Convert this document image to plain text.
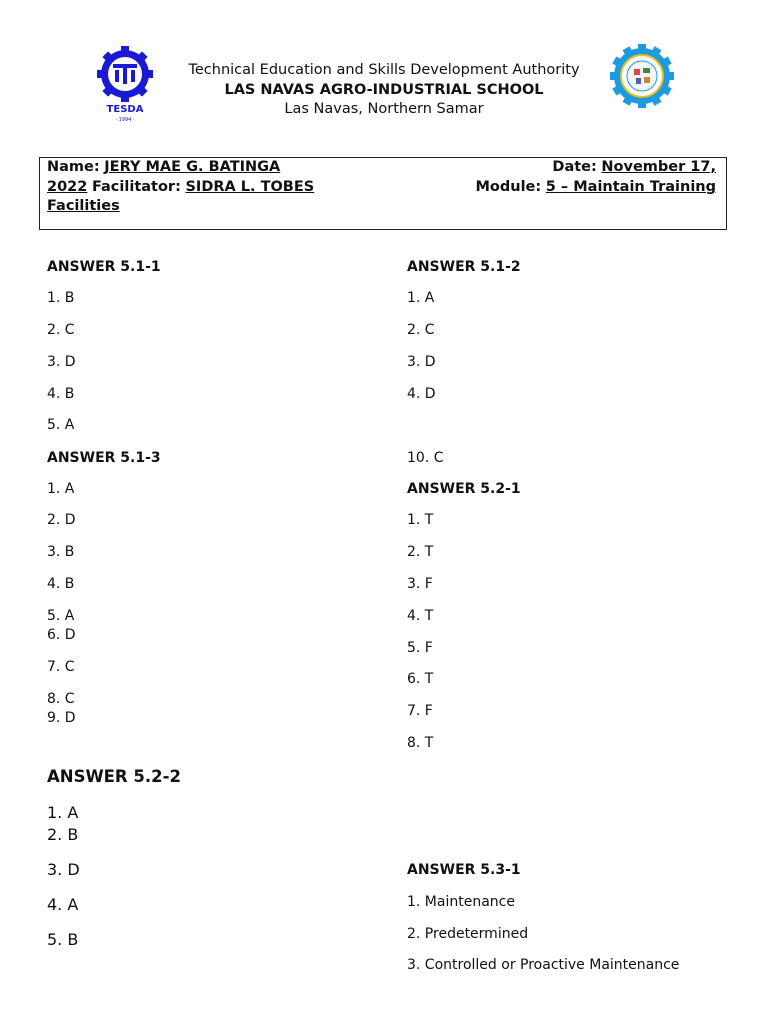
TESDA
· 1994 ·
Technical Education and Skills Development Authority
LAS NAVAS AGRO-INDUSTRIAL SCHOOL
Las Navas, Northern Samar
Name: JERY MAE G. BATINGA	Date: November 17,
2022 Facilitator: SIDRA L. TOBES	Module: 5 – Maintain Training
Facilities
ANSWER 5.1-1
1. B
2. C
3. D
4. B
5. A
ANSWER 5.1-2
1. A
2. C
3. D
4. D
10. C
ANSWER 5.1-3
1. A
2. D
3. B
4. B
5. A
6. D
7. C
8. C
9. D
ANSWER 5.2-1
1. T
2. T
3. F
4. T
5. F
6. T
7. F
8. T
ANSWER 5.2-2
1. A
2. B
3. D
4. A
5. B
ANSWER 5.3-1
1. Maintenance
2. Predetermined
3. Controlled or Proactive Maintenance
